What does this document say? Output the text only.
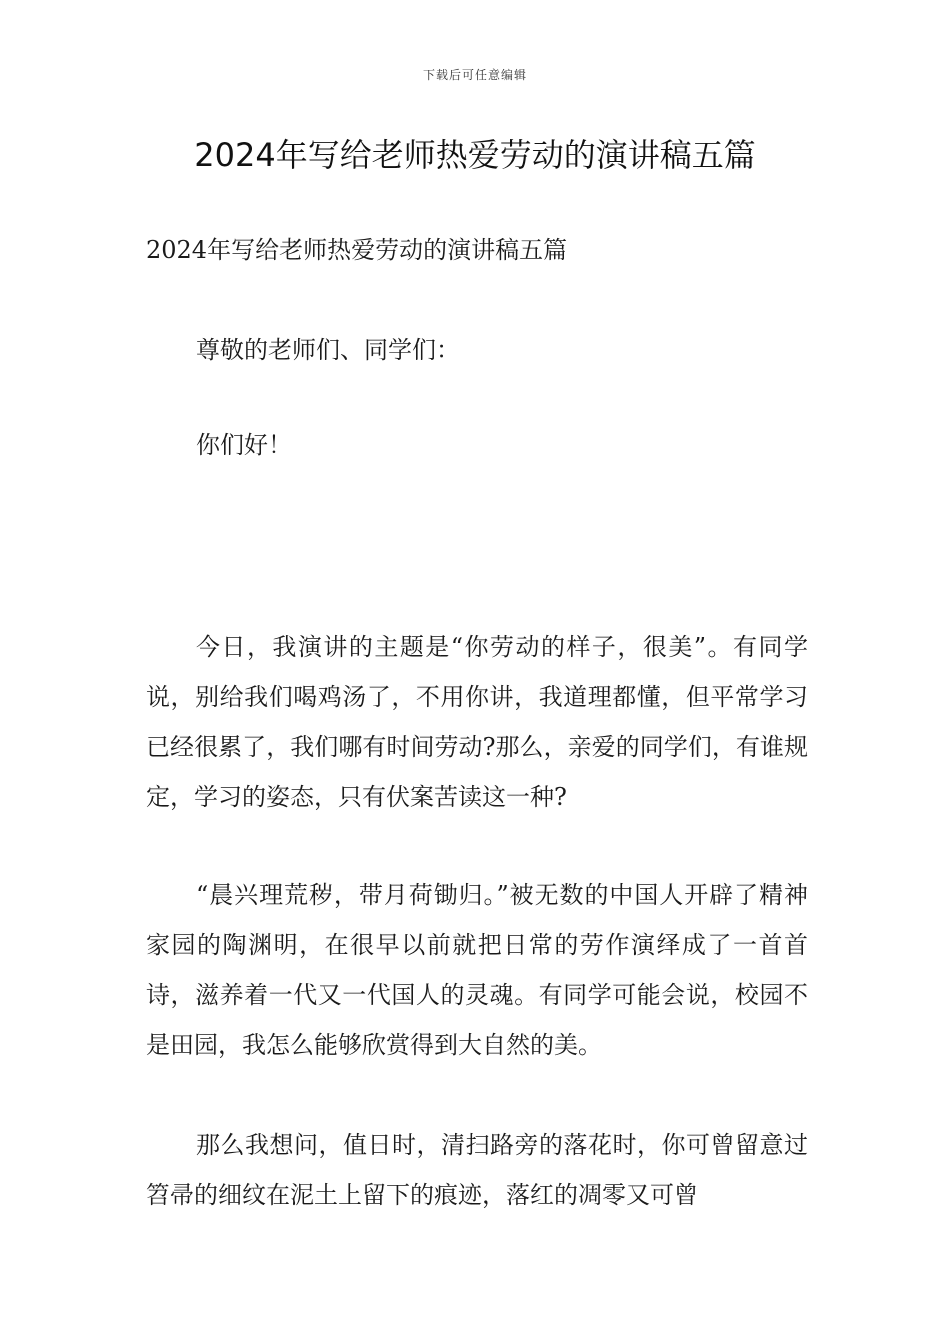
下载后可任意编辑
2024年写给老师热爱劳动的演讲稿五篇

2024年写给老师热爱劳动的演讲稿五篇

尊敬的老师们、同学们：

你们好！

今日，我演讲的主题是“你劳动的样子，很美”。有同学说，别给我们喝鸡汤了，不用你讲，我道理都懂，但平常学习已经很累了，我们哪有时间劳动?那么，亲爱的同学们，有谁规定，学习的姿态，只有伏案苦读这一种?

“晨兴理荒秽，带月荷锄归。”被无数的中国人开辟了精神家园的陶渊明，在很早以前就把日常的劳作演绎成了一首首诗，滋养着一代又一代国人的灵魂。有同学可能会说，校园不是田园，我怎么能够欣赏得到大自然的美。

那么我想问，值日时，清扫路旁的落花时，你可曾留意过笤帚的细纹在泥土上留下的痕迹，落红的凋零又可曾
